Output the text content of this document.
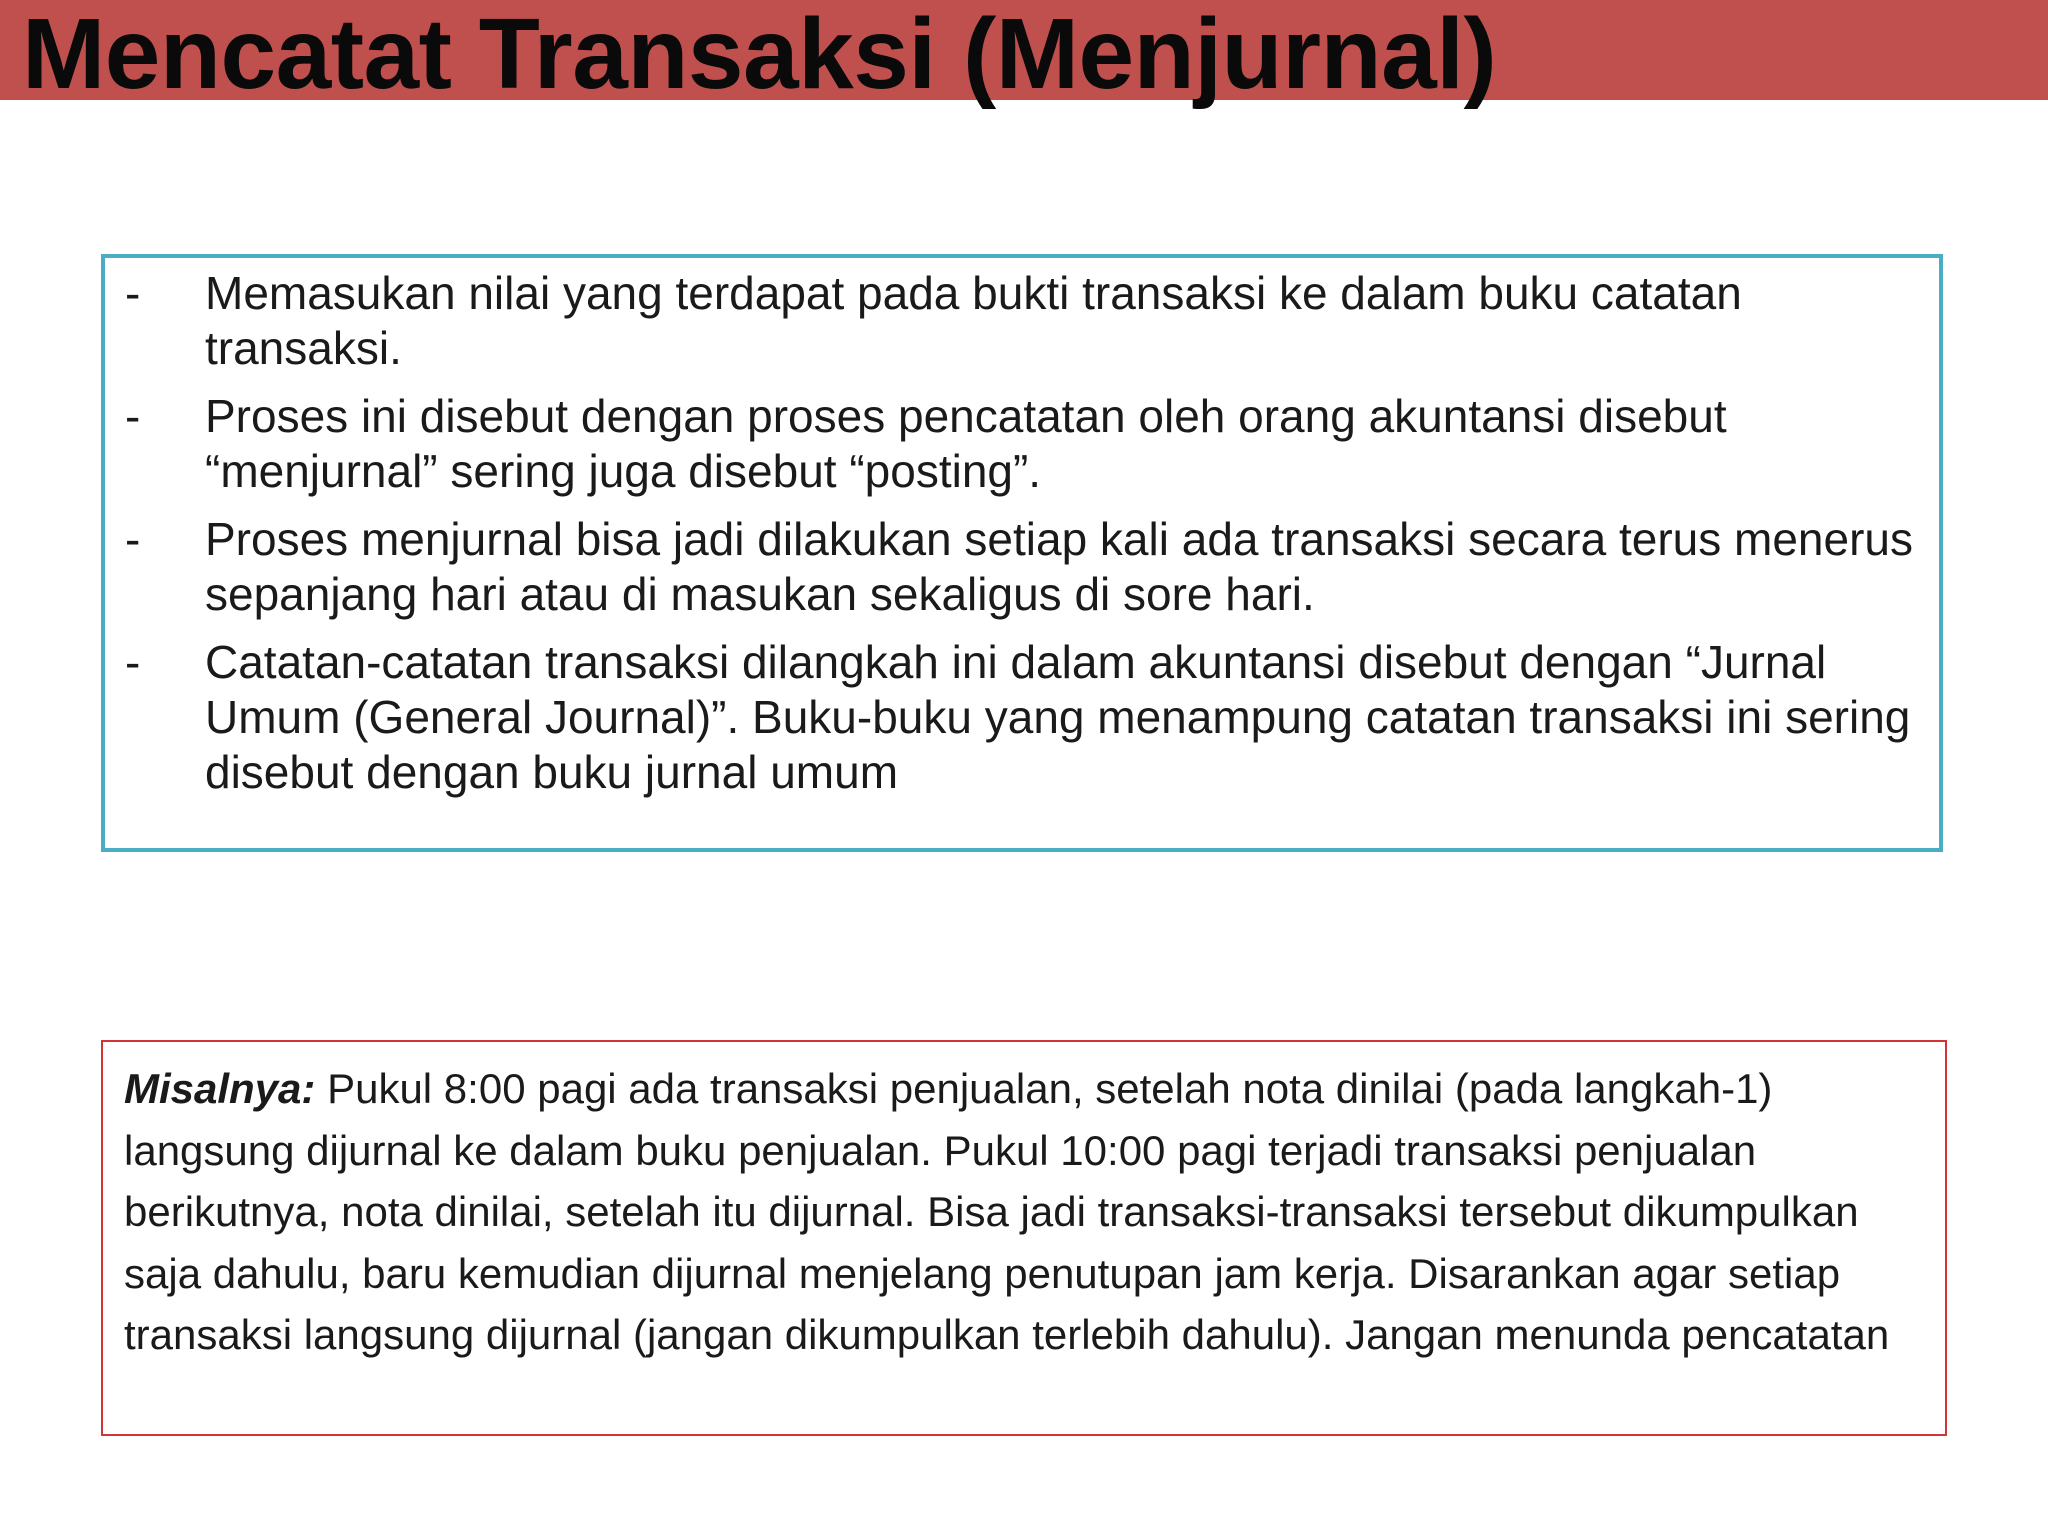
Mencatat Transaksi (Menjurnal)
-	Memasukan nilai yang terdapat pada bukti transaksi ke dalam buku catatan transaksi.
-	Proses ini disebut dengan proses pencatatan oleh orang akuntansi disebut “menjurnal” sering juga disebut “posting”.
-	Proses menjurnal bisa jadi dilakukan setiap kali ada transaksi secara terus menerus sepanjang hari atau di masukan sekaligus di sore hari.
-	Catatan-catatan transaksi dilangkah ini dalam akuntansi disebut dengan “Jurnal Umum (General Journal)”. Buku-buku yang menampung catatan transaksi ini sering disebut dengan buku jurnal umum
Misalnya: Pukul 8:00 pagi ada transaksi penjualan, setelah nota dinilai (pada langkah-1) langsung dijurnal ke dalam buku penjualan. Pukul 10:00 pagi terjadi transaksi penjualan berikutnya, nota dinilai, setelah itu dijurnal. Bisa jadi transaksi-transaksi tersebut dikumpulkan saja dahulu, baru kemudian dijurnal menjelang penutupan jam kerja. Disarankan agar setiap transaksi langsung dijurnal (jangan dikumpulkan terlebih dahulu). Jangan menunda pencatatan
